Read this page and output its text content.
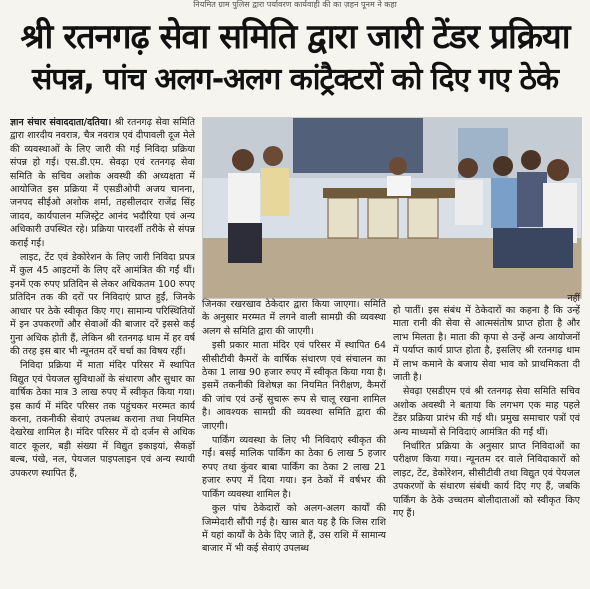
नियमित ग्राम पुलिस द्वारा पर्यावरण कार्यवाही की का ज़हन पूनम ने कहा
श्री रतनगढ़ सेवा समिति द्वारा जारी टेंडर प्रक्रिया
संपन्न, पांच अलग-अलग कांट्रैक्टरों को दिए गए ठेके

ज्ञान संचार संवाददाता/दतिया। श्री रतनगढ़ सेवा समिति द्वारा शारदीय नवरात्र, चैत्र नवरात्र एवं दीपावली दूज मेले की व्यवस्थाओं के लिए जारी की गई निविदा प्रक्रिया संपन्न हो गई। एस.डी.एम. सेवढ़ा एवं रतनगढ़ सेवा समिति के सचिव अशोक अवस्थी की अध्यक्षता में आयोजित इस प्रक्रिया में एसडीओपी अजय चानना, जनपद सीईओ अशोक शर्मा, तहसीलदार राजेंद्र सिंह जादव, कार्यपालन मजिस्ट्रेट आनंद भदौरिया एवं अन्य अधिकारी उपस्थित रहे। प्रक्रिया पारदर्शी तरीके से संपन्न कराई गई।

लाइट, टेंट एवं डेकोरेशन के लिए जारी निविदा प्रपत्र में कुल 45 आइटमों के लिए दरें आमंत्रित की गईं थीं। इनमें एक रुपए प्रतिदिन से लेकर अधिकतम 100 रुपए प्रतिदिन तक की दरों पर निविदाएं प्राप्त हुईं, जिनके आधार पर ठेके स्वीकृत किए गए। सामान्य परिस्थितियों में इन उपकरणों और सेवाओं की बाजार दरें इससे कई गुना अधिक होती हैं, लेकिन श्री रतनगढ़ धाम में हर वर्ष की तरह इस बार भी न्यूनतम दरें चर्चा का विषय रहीं।

निविदा प्रक्रिया में माता मंदिर परिसर में स्थापित विद्युत एवं पेयजल सुविधाओं के संधारण और सुधार का वार्षिक ठेका मात्र 3 लाख रुपए में स्वीकृत किया गया। इस कार्य में मंदिर परिसर तक पहुंचकर मरम्मत कार्य करना, तकनीकी सेवाएं उपलब्ध कराना तथा नियमित देखरेख शामिल है। मंदिर परिसर में दो दर्जन से अधिक वाटर कूलर, बड़ी संख्या में विद्युत इकाइयां, सैकड़ों बल्ब, पंखे, नल, पेयजल पाइपलाइन एवं अन्य स्थायी उपकरण स्थापित हैं,

नहीं

जिनका रखरखाव ठेकेदार द्वारा किया जाएगा। समिति के अनुसार मरम्मत में लगने वाली सामग्री की व्यवस्था अलग से समिति द्वारा की जाएगी।

इसी प्रकार माता मंदिर एवं परिसर में स्थापित 64 सीसीटीवी कैमरों के वार्षिक संधारण एवं संचालन का ठेका 1 लाख 90 हजार रुपए में स्वीकृत किया गया है। इसमें तकनीकी विशेषज्ञ का नियमित निरीक्षण, कैमरों की जांच एवं उन्हें सुचारू रूप से चालू रखना शामिल है। आवश्यक सामग्री की व्यवस्था समिति द्वारा की जाएगी।

पार्किंग व्यवस्था के लिए भी निविदाएं स्वीकृत की गईं। बसई मालिक पार्किंग का ठेका 6 लाख 5 हजार रुपए तथा कुंवर बाबा पार्किंग का ठेका 2 लाख 21 हजार रुपए में दिया गया। इन ठेकों में वर्षभर की पार्किंग व्यवस्था शामिल है।

कुल पांच ठेकेदारों को अलग-अलग कार्यों की जिम्मेदारी सौंपी गई है। खास बात यह है कि जिस राशि में यहां कार्यों के ठेके दिए जाते हैं, उस राशि में सामान्य बाजार में भी कई सेवाएं उपलब्ध

हो पातीं। इस संबंध में ठेकेदारों का कहना है कि उन्हें माता रानी की सेवा से आत्मसंतोष प्राप्त होता है और लाभ मिलता है। माता की कृपा से उन्हें अन्य आयोजनों में पर्याप्त कार्य प्राप्त होता है, इसलिए श्री रतनगढ़ धाम में लाभ कमाने के बजाय सेवा भाव को प्राथमिकता दी जाती है।

सेवढ़ा एसडीएम एवं श्री रतनगढ़ सेवा समिति सचिव अशोक अवस्थी ने बताया कि लगभग एक माह पहले टेंडर प्रक्रिया प्रारंभ की गई थी। प्रमुख समाचार पत्रों एवं अन्य माध्यमों से निविदाएं आमंत्रित की गईं थीं।

निर्धारित प्रक्रिया के अनुसार प्राप्त निविदाओं का परीक्षण किया गया। न्यूनतम दर वाले निविदाकारों को लाइट, टेंट, डेकोरेशन, सीसीटीवी तथा विद्युत एवं पेयजल उपकरणों के संधारण संबंधी कार्य दिए गए हैं, जबकि पार्किंग के ठेके उच्चतम बोलीदाताओं को स्वीकृत किए गए हैं।
